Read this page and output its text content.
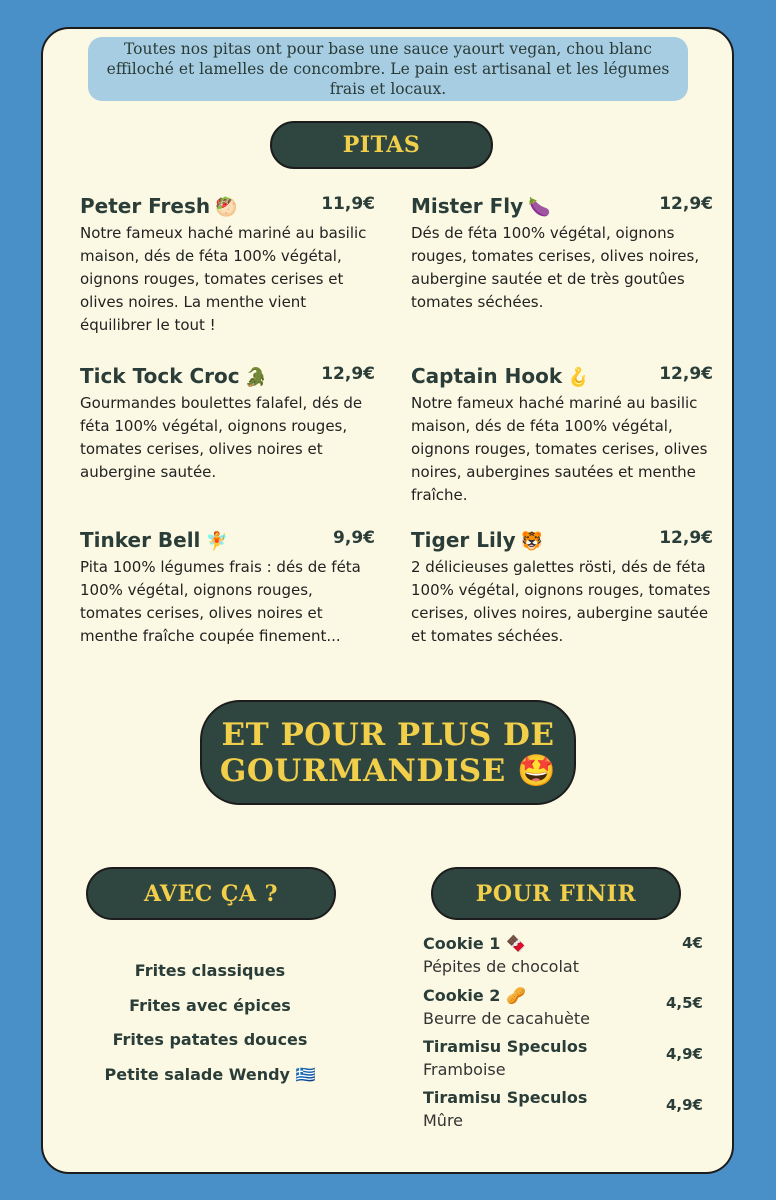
Toutes nos pitas ont pour base une sauce yaourt vegan, chou blanc effiloché et lamelles de concombre. Le pain est artisanal et les légumes frais et locaux.
PITAS
Peter Fresh 🥙	11,9€
Notre fameux haché mariné au basilic maison, dés de féta 100% végétal, oignons rouges, tomates cerises et olives noires. La menthe vient équilibrer le tout !
Mister Fly 🍆	12,9€
Dés de féta 100% végétal, oignons rouges, tomates cerises, olives noires, aubergine sautée et de très goutûes tomates séchées.
Tick Tock Croc 🐊	12,9€
Gourmandes boulettes falafel, dés de féta 100% végétal, oignons rouges, tomates cerises, olives noires et aubergine sautée.
Captain Hook 🪝	12,9€
Notre fameux haché mariné au basilic maison, dés de féta 100% végétal, oignons rouges, tomates cerises, olives noires, aubergines sautées et menthe fraîche.
Tinker Bell 🧚	9,9€
Pita 100% légumes frais : dés de féta 100% végétal, oignons rouges, tomates cerises, olives noires et menthe fraîche coupée finement...
Tiger Lily 🐯	12,9€
2 délicieuses galettes rösti, dés de féta 100% végétal, oignons rouges, tomates cerises, olives noires, aubergine sautée et tomates séchées.
ET POUR PLUS DE
GOURMANDISE 🤩
AVEC ÇA ?	POUR FINIR
Frites classiques
Frites avec épices
Frites patates douces
Petite salade Wendy 🇬🇷
Cookie 1 🍫
Pépites de chocolat
4€
Cookie 2 🥜
Beurre de cacahuète
4,5€
Tiramisu Speculos
Framboise
4,9€
Tiramisu Speculos
Mûre
4,9€
